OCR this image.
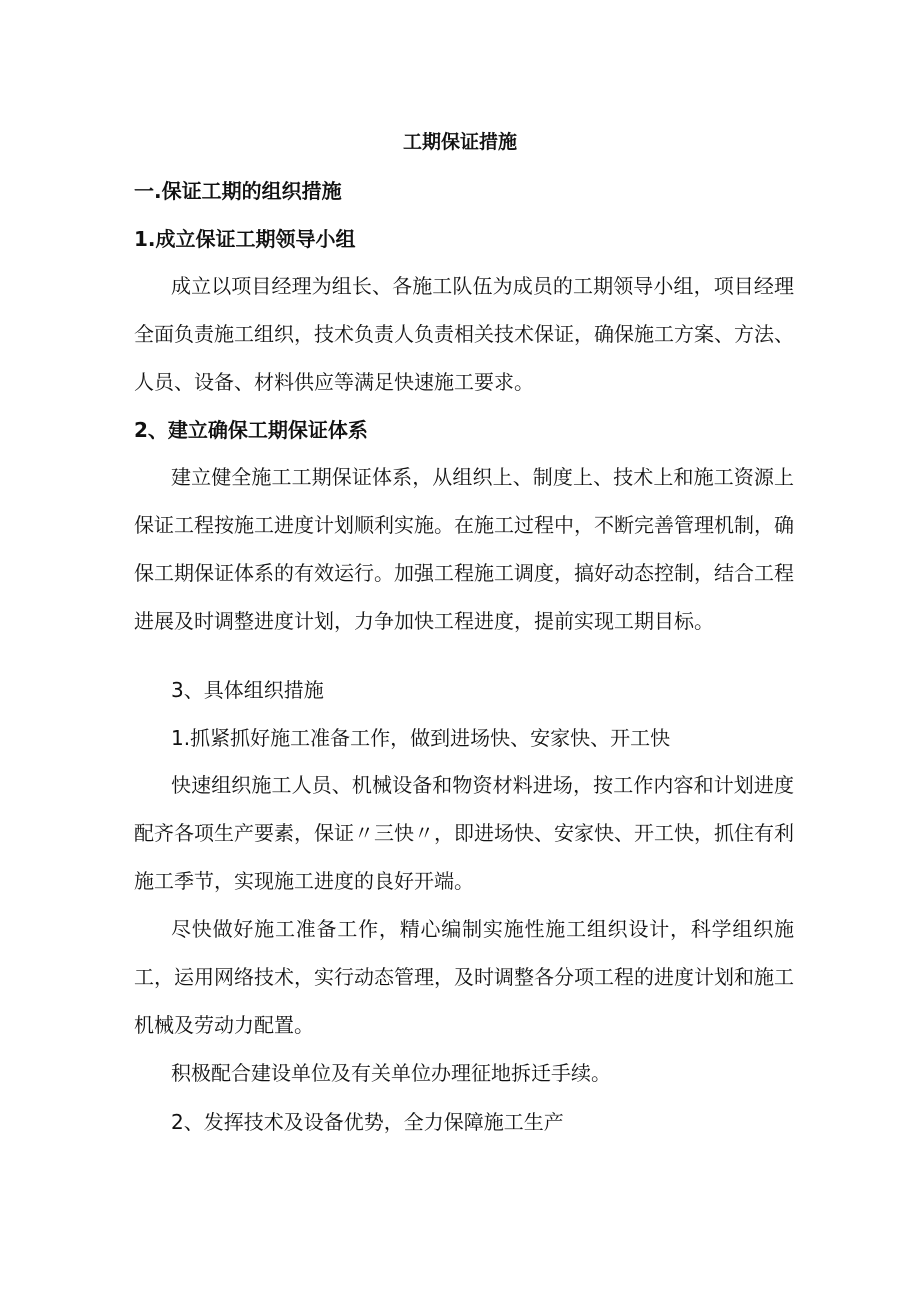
工期保证措施
一.保证工期的组织措施
1.成立保证工期领导小组
成立以项目经理为组长、各施工队伍为成员的工期领导小组，项目经理全面负责施工组织，技术负责人负责相关技术保证，确保施工方案、方法、人员、设备、材料供应等满足快速施工要求。
2、建立确保工期保证体系
建立健全施工工期保证体系，从组织上、制度上、技术上和施工资源上保证工程按施工进度计划顺利实施。在施工过程中，不断完善管理机制，确保工期保证体系的有效运行。加强工程施工调度，搞好动态控制，结合工程进展及时调整进度计划，力争加快工程进度，提前实现工期目标。
3、具体组织措施
1.抓紧抓好施工准备工作，做到进场快、安家快、开工快
快速组织施工人员、机械设备和物资材料进场，按工作内容和计划进度配齐各项生产要素，保证〃三快〃，即进场快、安家快、开工快，抓住有利施工季节，实现施工进度的良好开端。
尽快做好施工准备工作，精心编制实施性施工组织设计，科学组织施工，运用网络技术，实行动态管理，及时调整各分项工程的进度计划和施工机械及劳动力配置。
积极配合建设单位及有关单位办理征地拆迁手续。
2、发挥技术及设备优势，全力保障施工生产
